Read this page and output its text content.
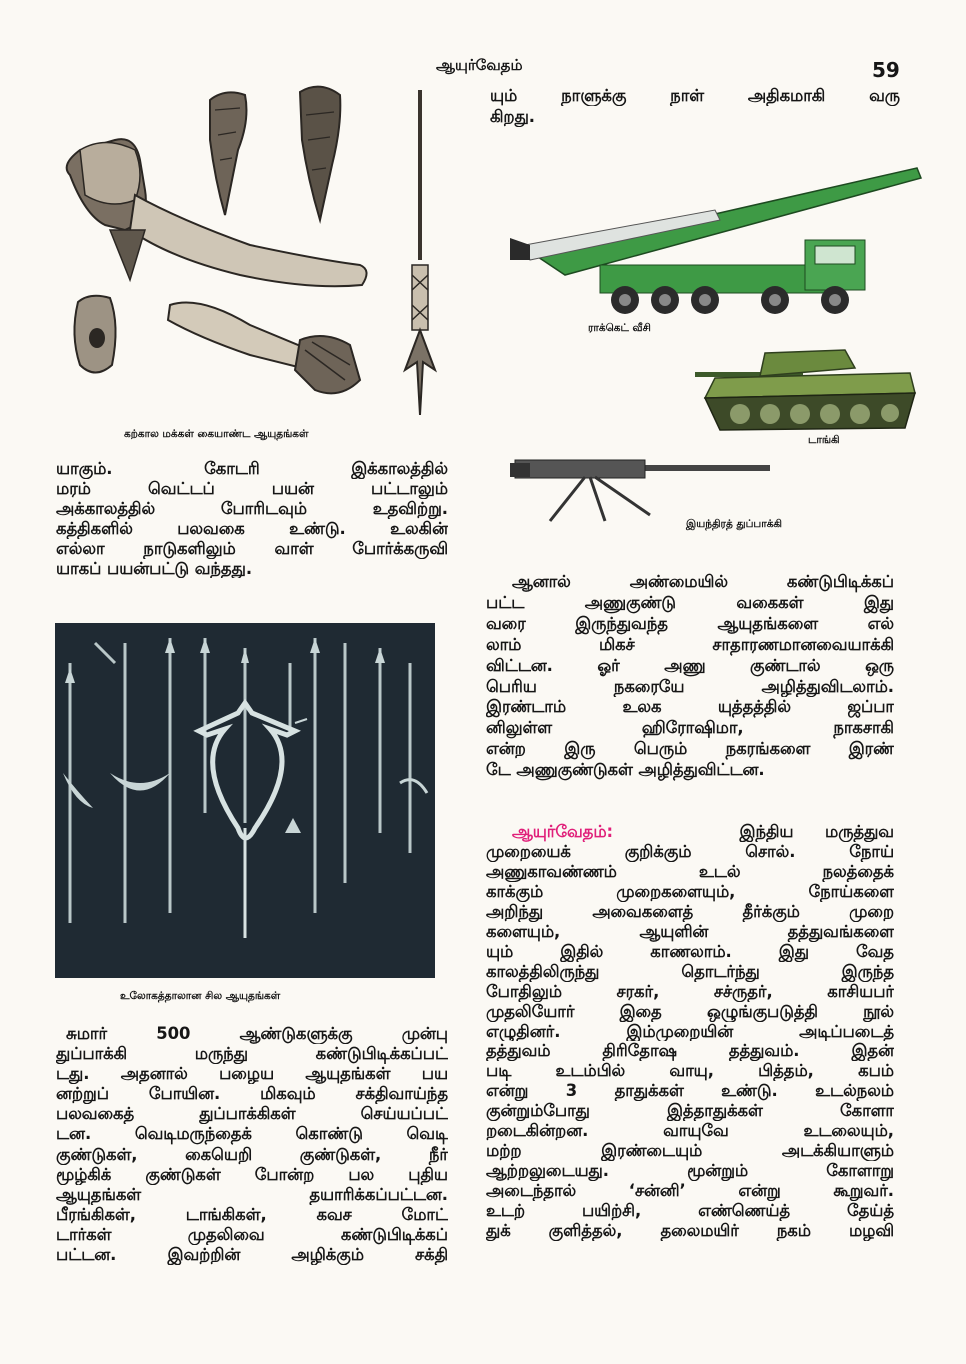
ஆயுர்வேதம்	59
கற்கால மக்கள் கையாண்ட ஆயுதங்கள்
ராக்கெட் வீசி
டாங்கி
இயந்திரத் துப்பாக்கி
உலோகத்தாலான சில ஆயுதங்கள்
யாகும். கோடரி இக்காலத்தில்
மரம் வெட்டப் பயன் பட்டாலும்
அக்காலத்தில் போரிடவும் உதவிற்று.
கத்திகளில் பலவகை உண்டு. உலகின்
எல்லா நாடுகளிலும் வாள் போர்க்கருவி
யாகப் பயன்பட்டு வந்தது.
சுமார் 500 ஆண்டுகளுக்கு முன்பு
துப்பாக்கி மருந்து கண்டுபிடிக்கப்பட்
டது. அதனால் பழைய ஆயுதங்கள் பய
னற்றுப் போயின. மிகவும் சக்திவாய்ந்த
பலவகைத் துப்பாக்கிகள் செய்யப்பட்
டன. வெடிமருந்தைக் கொண்டு வெடி
குண்டுகள், கையெறி குண்டுகள், நீர்
மூழ்கிக் குண்டுகள் போன்ற பல புதிய
ஆயுதங்கள் தயாரிக்கப்பட்டன.
பீரங்கிகள், டாங்கிகள், கவச மோட்
டார்கள் முதலிவை கண்டுபிடிக்கப்
பட்டன. இவற்றின் அழிக்கும் சக்தி
யும் நாளுக்கு நாள் அதிகமாகி வரு
கிறது.
ஆனால் அண்மையில் கண்டுபிடிக்கப்
பட்ட அணுகுண்டு வகைகள் இது
வரை இருந்துவந்த ஆயுதங்களை எல்
லாம் மிகச் சாதாரணமானவையாக்கி
விட்டன. ஓர் அணு குண்டால் ஒரு
பெரிய நகரையே அழித்துவிடலாம்.
இரண்டாம் உலக யுத்தத்தில் ஜப்பா
னிலுள்ள ஹிரோஷிமா, நாகசாகி
என்ற இரு பெரும் நகரங்களை இரண்
டே அணுகுண்டுகள் அழித்துவிட்டன.
ஆயுர்வேதம்:	இந்திய மருத்துவ
முறையைக் குறிக்கும் சொல். நோய்
அணுகாவண்ணம் உடல் நலத்தைக்
காக்கும் முறைகளையும், நோய்களை
அறிந்து அவைகளைத் தீர்க்கும் முறை
களையும், ஆயுளின் தத்துவங்களை
யும் இதில் காணலாம். இது வேத
காலத்திலிருந்து தொடர்ந்து இருந்த
போதிலும் சரகர், சச்ருதர், காசியபர்
முதலியோர் இதை ஒழுங்குபடுத்தி நூல்
எழுதினர். இம்முறையின் அடிப்படைத்
தத்துவம் திரிதோஷ தத்துவம். இதன்
படி உடம்பில் வாயு, பித்தம், கபம்
என்று 3 தாதுக்கள் உண்டு. உடல்நலம்
குன்றும்போது இத்தாதுக்கள் கோளா
றடைகின்றன. வாயுவே உடலையும்,
மற்ற இரண்டையும் அடக்கியாளும்
ஆற்றலுடையது. மூன்றும் கோளாறு
அடைந்தால் ‘சன்னி’ என்று கூறுவர்.
உடற் பயிற்சி, எண்ணெய்த் தேய்த்
துக் குளித்தல், தலைமயிர் நகம் மழவி
